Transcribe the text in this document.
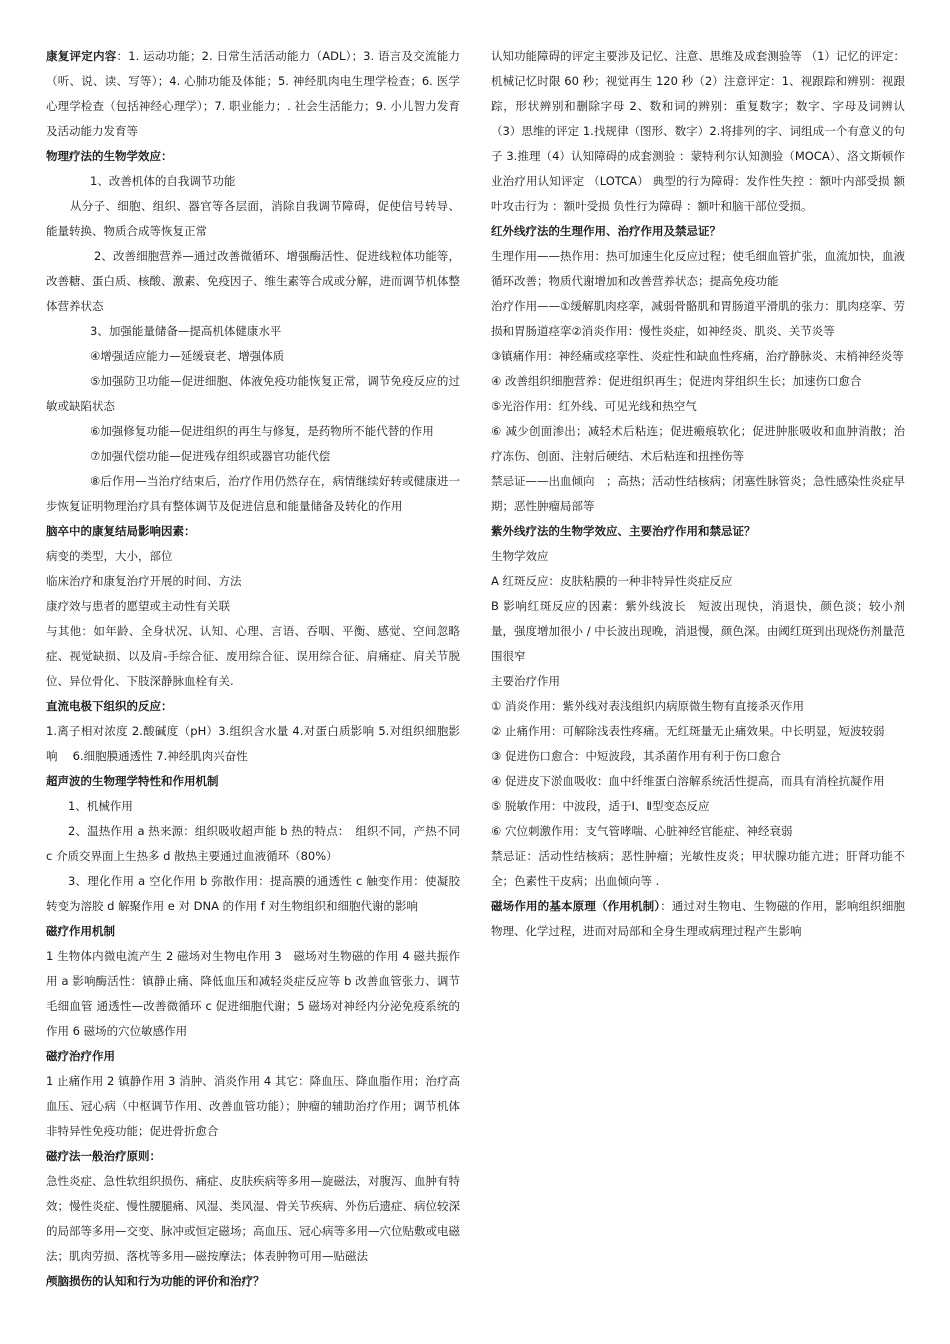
康复评定内容：1. 运动功能；2. 日常生活活动能力（ADL）；3. 语言及交流能力（听、说、读、写等）；4. 心肺功能及体能；5. 神经肌肉电生理学检查；6. 医学心理学检查（包括神经心理学）；7. 职业能力；. 社会生活能力；9. 小儿智力发育及活动能力发育等

物理疗法的生物学效应：

1、改善机体的自我调节功能

从分子、细胞、组织、器官等各层面，消除自我调节障碍，促使信号转导、能量转换、物质合成等恢复正常

2、改善细胞营养—通过改善微循环、增强酶活性、促进线粒体功能等，改善糖、蛋白质、核酸、激素、免疫因子、维生素等合成或分解，进而调节机体整体营养状态

3、加强能量储备—提高机体健康水平

④增强适应能力—延缓衰老、增强体质

⑤加强防卫功能—促进细胞、体液免疫功能恢复正常，调节免疫反应的过敏或缺陷状态

⑥加强修复功能—促进组织的再生与修复，是药物所不能代替的作用

⑦加强代偿功能—促进残存组织或器官功能代偿

⑧后作用—当治疗结束后，治疗作用仍然存在，病情继续好转或健康进一步恢复证明物理治疗具有整体调节及促进信息和能量储备及转化的作用

脑卒中的康复结局影响因素：

病变的类型，大小，部位

临床治疗和康复治疗开展的时间、方法

康疗效与患者的愿望或主动性有关联

与其他：如年龄、全身状况、认知、心理、言语、吞咽、平衡、感觉、空间忽略症、视觉缺损、以及肩-手综合征、废用综合征、误用综合征、肩痛症、肩关节脱位、异位骨化、下肢深静脉血栓有关.

直流电极下组织的反应：

1.离子相对浓度 2.酸碱度（pH）3.组织含水量 4.对蛋白质影响 5.对组织细胞影响　 6.细胞膜通透性 7.神经肌肉兴奋性

超声波的生物理学特性和作用机制

1、机械作用

2、温热作用 a 热来源：组织吸收超声能 b 热的特点：　组织不同，产热不同 c 介质交界面上生热多 d 散热主要通过血液循环（80%）

3、理化作用 a 空化作用 b 弥散作用：提高膜的通透性 c 触变作用：使凝胶转变为溶胶 d 解聚作用 e 对 DNA 的作用 f 对生物组织和细胞代谢的影响

磁疗作用机制

1 生物体内微电流产生 2 磁场对生物电作用 3　磁场对生物磁的作用 4 磁共振作用 a 影响酶活性：镇静止痛、降低血压和减轻炎症反应等 b 改善血管张力、调节毛细血管 通透性—改善微循环 c 促进细胞代谢；5 磁场对神经内分泌免疫系统的作用 6 磁场的穴位敏感作用

磁疗治疗作用

1 止痛作用 2 镇静作用 3 消肿、消炎作用 4 其它：降血压、降血脂作用；治疗高血压、冠心病（中枢调节作用、改善血管功能）；肿瘤的辅助治疗作用；调节机体非特异性免疫功能；促进骨折愈合

磁疗法一般治疗原则：

急性炎症、急性软组织损伤、痛症、皮肤疾病等多用—旋磁法，对腹泻、血肿有特效；慢性炎症、慢性腰腿痛、风湿、类风湿、骨关节疾病、外伤后遗症、病位较深的局部等多用—交变、脉冲或恒定磁场；高血压、冠心病等多用—穴位贴敷或电磁法；肌肉劳损、落枕等多用—磁按摩法；体表肿物可用—贴磁法

颅脑损伤的认知和行为功能的评价和治疗？

认知功能障碍的评定主要涉及记忆、注意、思维及成套测验等 （1）记忆的评定：机械记忆时限 60 秒；视觉再生 120 秒（2）注意评定：1、视跟踪和辨别：视跟踪，形状辨别和删除字母 2、数和词的辨别：重复数字；数字、字母及词辨认（3）思维的评定 1.找规律（图形、数字）2.将排列的字、词组成一个有意义的句子 3.推理（4）认知障碍的成套测验 ：蒙特利尔认知测验（MOCA）、洛文斯顿作业治疗用认知评定 （LOTCA） 典型的行为障碍：发作性失控 ：额叶内部受损 额叶攻击行为 ：额叶受损 负性行为障碍 ：额叶和脑干部位受损。

红外线疗法的生理作用、治疗作用及禁忌证？

生理作用——热作用：热可加速生化反应过程；使毛细血管扩张，血流加快，血液循环改善；物质代谢增加和改善营养状态；提高免疫功能

治疗作用——①缓解肌肉痉挛，减弱骨骼肌和胃肠道平滑肌的张力：肌肉痉挛、劳损和胃肠道痉挛②消炎作用：慢性炎症，如神经炎、肌炎、关节炎等

③镇痛作用：神经痛或痉挛性、炎症性和缺血性疼痛，治疗静脉炎、末梢神经炎等

④ 改善组织细胞营养：促进组织再生；促进肉芽组织生长；加速伤口愈合

⑤光浴作用：红外线、可见光线和热空气

⑥ 减少创面渗出；减轻术后粘连；促进瘢痕软化；促进肿胀吸收和血肿消散；治疗冻伤、创面、注射后硬结、术后粘连和扭挫伤等

禁忌证——出血倾向　；高热；活动性结核病；闭塞性脉管炎；急性感染性炎症早期；恶性肿瘤局部等

紫外线疗法的生物学效应、主要治疗作用和禁忌证？

生物学效应

A 红斑反应：皮肤粘膜的一种非特异性炎症反应

B 影响红斑反应的因素：紫外线波长　短波出现快，消退快，颜色淡；较小剂量，强度增加很小 / 中长波出现晚，消退慢，颜色深。由阈红斑到出现烧伤剂量范围很窄

主要治疗作用

① 消炎作用：紫外线对表浅组织内病原微生物有直接杀灭作用

② 止痛作用：可解除浅表性疼痛。无红斑量无止痛效果。中长明显，短波较弱

③ 促进伤口愈合：中短波段，其杀菌作用有利于伤口愈合

④ 促进皮下淤血吸收：血中纤维蛋白溶解系统活性提高，而具有消栓抗凝作用

⑤ 脱敏作用：中波段，适于Ⅰ、Ⅱ型变态反应

⑥ 穴位刺激作用：支气管哮喘、心脏神经官能症、神经衰弱

禁忌证：活动性结核病；恶性肿瘤；光敏性皮炎；甲状腺功能亢进；肝肾功能不全；色素性干皮病；出血倾向等 .

磁场作用的基本原理（作用机制）：通过对生物电、生物磁的作用，影响组织细胞物理、化学过程，进而对局部和全身生理或病理过程产生影响
